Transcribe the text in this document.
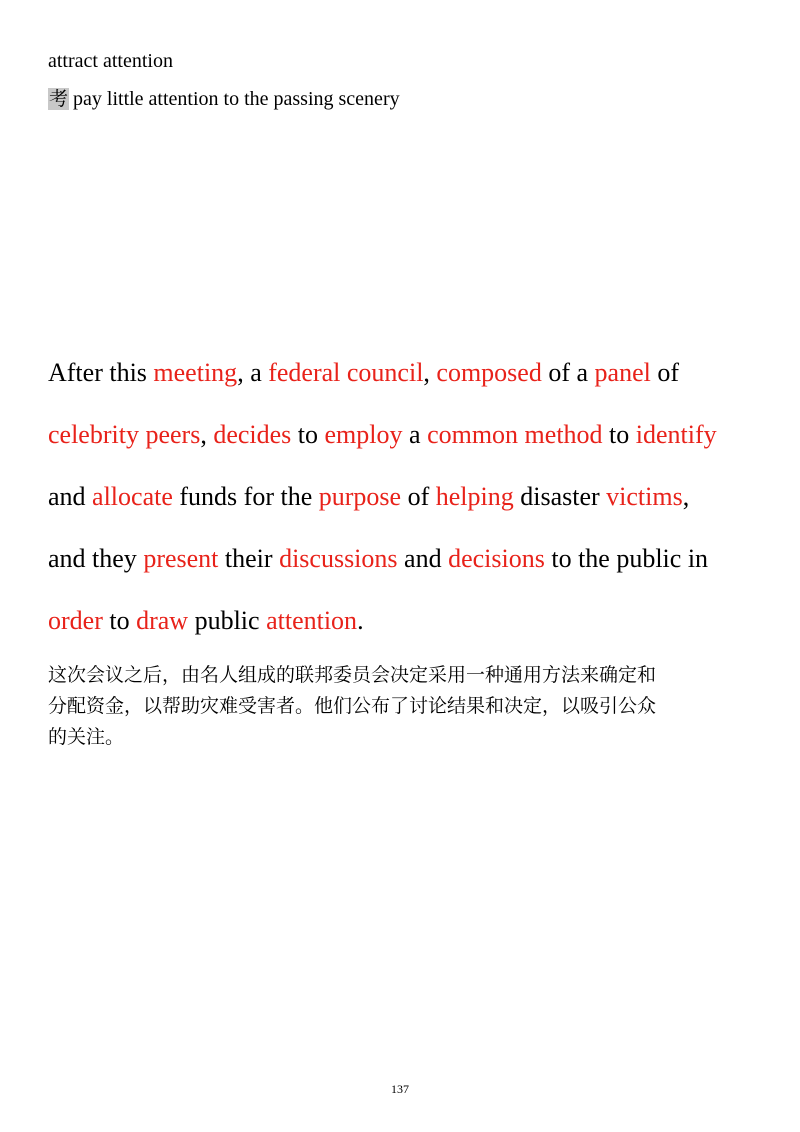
attract attention
考 pay little attention to the passing scenery
After this meeting, a federal council, composed of a panel of
celebrity peers, decides to employ a common method to identify
and allocate funds for the purpose of helping disaster victims,
and they present their discussions and decisions to the public in
order to draw public attention.
这次会议之后，由名人组成的联邦委员会决定采用一种通用方法来确定和
分配资金，以帮助灾难受害者。他们公布了讨论结果和决定，以吸引公众
的关注。
137
